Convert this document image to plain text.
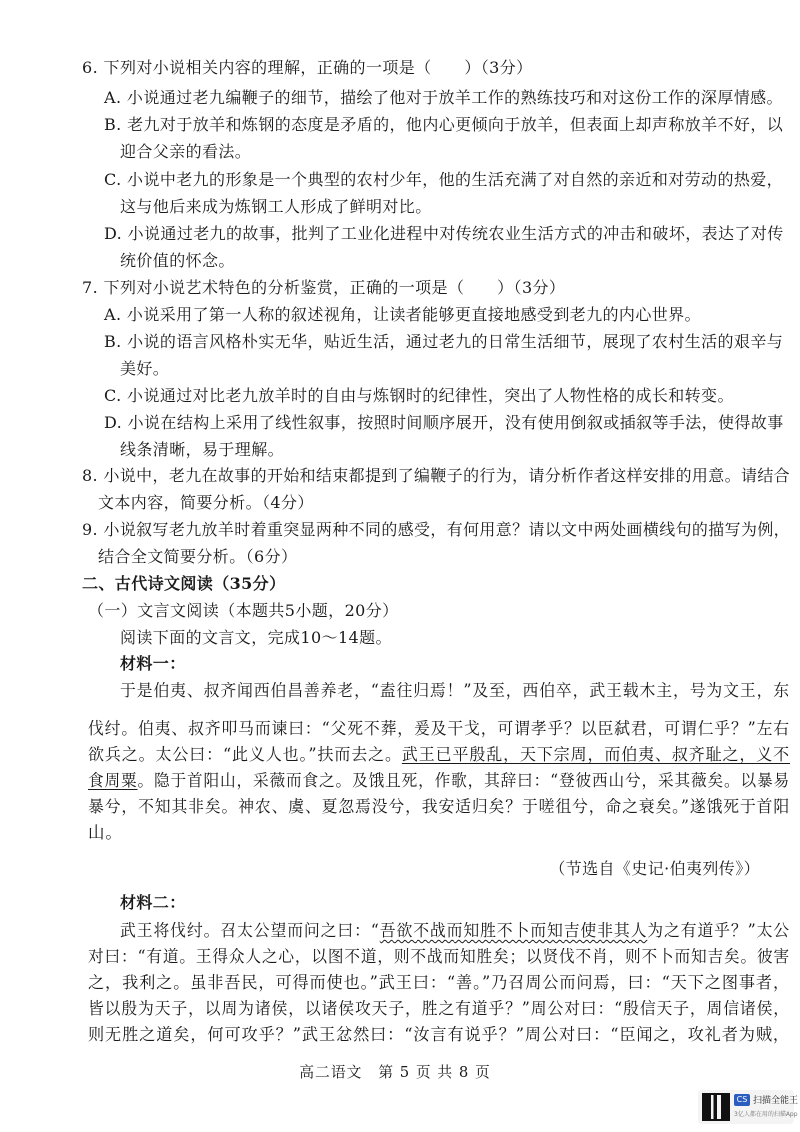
6. 下列对小说相关内容的理解，正确的一项是（　　）（3分）
A. 小说通过老九编鞭子的细节，描绘了他对于放羊工作的熟练技巧和对这份工作的深厚情感。
B. 老九对于放羊和炼钢的态度是矛盾的，他内心更倾向于放羊，但表面上却声称放羊不好，以
迎合父亲的看法。
C. 小说中老九的形象是一个典型的农村少年，他的生活充满了对自然的亲近和对劳动的热爱，
这与他后来成为炼钢工人形成了鲜明对比。
D. 小说通过老九的故事，批判了工业化进程中对传统农业生活方式的冲击和破坏，表达了对传
统价值的怀念。
7. 下列对小说艺术特色的分析鉴赏，正确的一项是（　　）（3分）
A. 小说采用了第一人称的叙述视角，让读者能够更直接地感受到老九的内心世界。
B. 小说的语言风格朴实无华，贴近生活，通过老九的日常生活细节，展现了农村生活的艰辛与
美好。
C. 小说通过对比老九放羊时的自由与炼钢时的纪律性，突出了人物性格的成长和转变。
D. 小说在结构上采用了线性叙事，按照时间顺序展开，没有使用倒叙或插叙等手法，使得故事
线条清晰，易于理解。
8. 小说中，老九在故事的开始和结束都提到了编鞭子的行为，请分析作者这样安排的用意。请结合
文本内容，简要分析。（4分）
9. 小说叙写老九放羊时着重突显两种不同的感受，有何用意？请以文中两处画横线句的描写为例，
结合全文简要分析。（6分）
二、古代诗文阅读（35分）
（一）文言文阅读（本题共5小题，20分）
阅读下面的文言文，完成10～14题。
材料一：
于是伯夷、叔齐闻西伯昌善养老，“盍往归焉！”及至，西伯卒，武王载木主，号为文王，东
伐纣。伯夷、叔齐叩马而谏曰：“父死不葬，爰及干戈，可谓孝乎？以臣弑君，可谓仁乎？”左右
欲兵之。太公曰：“此义人也。”扶而去之。武王已平殷乱，天下宗周，而伯夷、叔齐耻之，义不
食周粟。隐于首阳山，采薇而食之。及饿且死，作歌，其辞曰：“登彼西山兮，采其薇矣。以暴易
暴兮，不知其非矣。神农、虞、夏忽焉没兮，我安适归矣？于嗟徂兮，命之衰矣。”遂饿死于首阳
山。
（节选自《史记·伯夷列传》）
材料二：
武王将伐纣。召太公望而问之曰：“吾欲不战而知胜不卜而知吉使非其人为之有道乎？”太公
对曰：“有道。王得众人之心，以图不道，则不战而知胜矣；以贤伐不肖，则不卜而知吉矣。彼害
之，我利之。虽非吾民，可得而使也。”武王曰：“善。”乃召周公而问焉，曰：“天下之图事者，
皆以殷为天子，以周为诸侯，以诸侯攻天子，胜之有道乎？”周公对曰：“殷信天子，周信诸侯，
则无胜之道矣，何可攻乎？”武王忿然曰：“汝言有说乎？”周公对曰：“臣闻之，攻礼者为贼，
高二语文　第 5 页 共 8 页
CS 扫描全能王
3亿人都在用的扫描App
